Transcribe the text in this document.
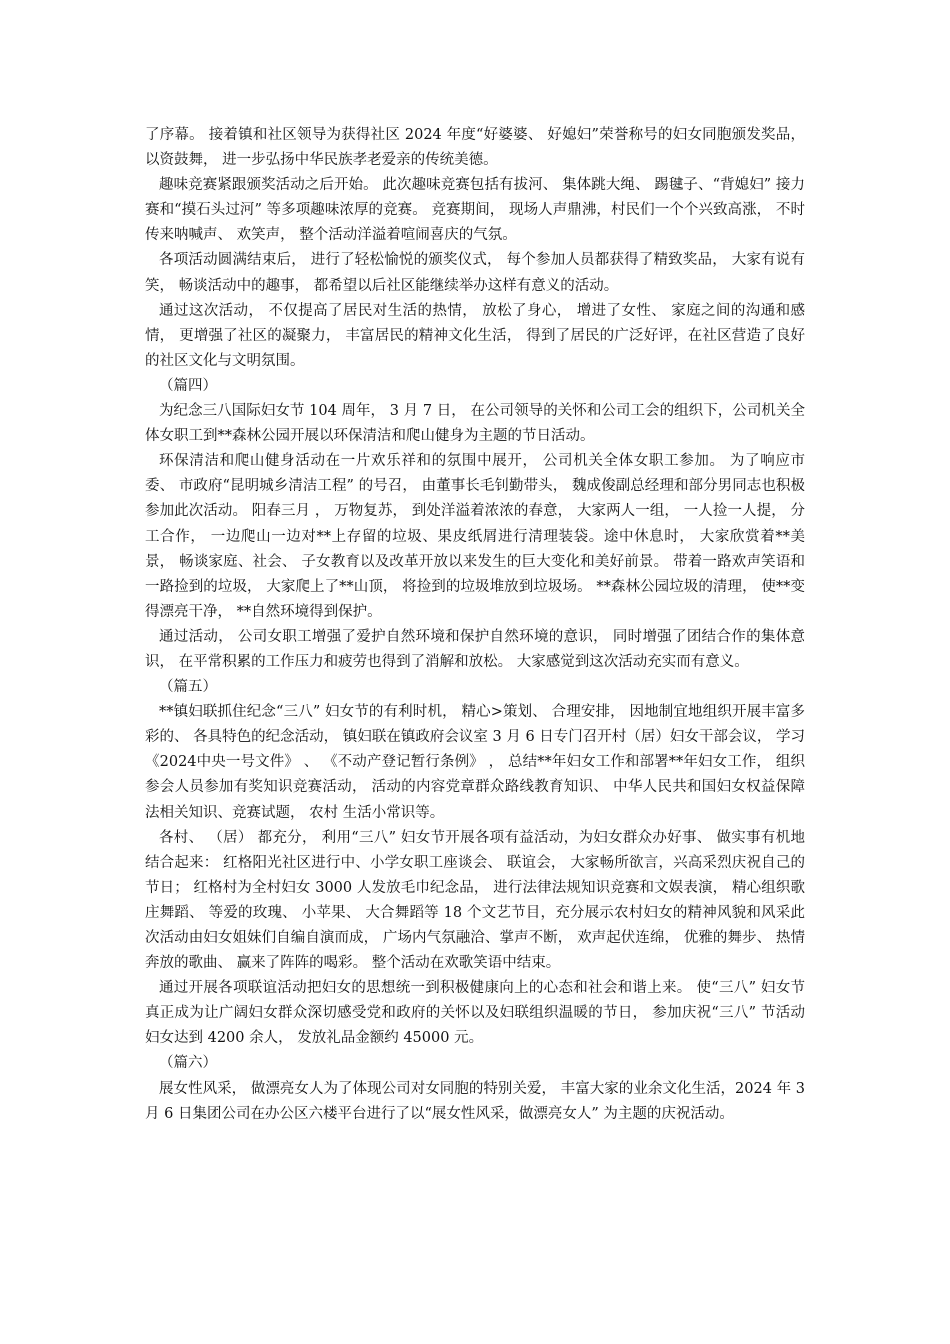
了序幕。 接着镇和社区领导为获得社区 2024 年度“好婆婆、 好媳妇”荣誉称号的妇女同胞颁发奖品， 以资鼓舞， 进一步弘扬中华民族孝老爱亲的传统美德。

趣味竞赛紧跟颁奖活动之后开始。 此次趣味竞赛包括有拔河、 集体跳大绳、 踢毽子、“背媳妇” 接力赛和“摸石头过河” 等多项趣味浓厚的竞赛。 竞赛期间， 现场人声鼎沸，村民们一个个兴致高涨， 不时传来呐喊声、 欢笑声， 整个活动洋溢着喧闹喜庆的气氛。

各项活动圆满结束后， 进行了轻松愉悦的颁奖仪式， 每个参加人员都获得了精致奖品， 大家有说有笑， 畅谈活动中的趣事， 都希望以后社区能继续举办这样有意义的活动。

通过这次活动， 不仅提高了居民对生活的热情， 放松了身心， 增进了女性、 家庭之间的沟通和感情， 更增强了社区的凝聚力， 丰富居民的精神文化生活， 得到了居民的广泛好评，在社区营造了良好的社区文化与文明氛围。

（篇四）

为纪念三八国际妇女节 104 周年， 3 月 7 日， 在公司领导的关怀和公司工会的组织下，公司机关全体女职工到**森林公园开展以环保清洁和爬山健身为主题的节日活动。

环保清洁和爬山健身活动在一片欢乐祥和的氛围中展开， 公司机关全体女职工参加。 为了响应市委、 市政府“昆明城乡清洁工程” 的号召， 由董事长毛钊勤带头， 魏成俊副总经理和部分男同志也积极参加此次活动。 阳春三月 ， 万物复苏， 到处洋溢着浓浓的春意， 大家两人一组， 一人捡一人提， 分工合作， 一边爬山一边对**上存留的垃圾、果皮纸屑进行清理装袋。途中休息时， 大家欣赏着**美景， 畅谈家庭、社会、 子女教育以及改革开放以来发生的巨大变化和美好前景。 带着一路欢声笑语和一路捡到的垃圾， 大家爬上了**山顶， 将捡到的垃圾堆放到垃圾场。 **森林公园垃圾的清理， 使**变得漂亮干净， **自然环境得到保护。

通过活动， 公司女职工增强了爱护自然环境和保护自然环境的意识， 同时增强了团结合作的集体意识， 在平常积累的工作压力和疲劳也得到了消解和放松。 大家感觉到这次活动充实而有意义。

（篇五）

**镇妇联抓住纪念“三八” 妇女节的有利时机， 精心>策划、 合理安排， 因地制宜地组织开展丰富多彩的、 各具特色的纪念活动， 镇妇联在镇政府会议室 3 月 6 日专门召开村（居）妇女干部会议， 学习《2024中央一号文件》 、 《不动产登记暂行条例》 ， 总结**年妇女工作和部署**年妇女工作， 组织参会人员参加有奖知识竞赛活动， 活动的内容党章群众路线教育知识、 中华人民共和国妇女权益保障法相关知识、竞赛试题， 农村 生活小常识等。

各村、 （居） 都充分， 利用“三八” 妇女节开展各项有益活动，为妇女群众办好事、 做实事有机地结合起来： 红格阳光社区进行中、小学女职工座谈会、 联谊会， 大家畅所欲言，兴高采烈庆祝自己的节日； 红格村为全村妇女 3000 人发放毛巾纪念品， 进行法律法规知识竞赛和文娱表演， 精心组织歌庄舞蹈、 等爱的玫瑰、 小苹果、 大合舞蹈等 18 个文艺节目，充分展示农村妇女的精神风貌和风采此次活动由妇女姐妹们自编自演而成， 广场内气氛融洽、掌声不断， 欢声起伏连绵， 优雅的舞步、 热情奔放的歌曲、 赢来了阵阵的喝彩。 整个活动在欢歌笑语中结束。

通过开展各项联谊活动把妇女的思想统一到积极健康向上的心态和社会和谐上来。 使“三八” 妇女节真正成为让广阔妇女群众深切感受党和政府的关怀以及妇联组织温暖的节日， 参加庆祝“三八” 节活动妇女达到 4200 余人， 发放礼品金额约 45000 元。

（篇六）

展女性风采， 做漂亮女人为了体现公司对女同胞的特别关爱， 丰富大家的业余文化生活，2024 年 3 月 6 日集团公司在办公区六楼平台进行了以“展女性风采，做漂亮女人” 为主题的庆祝活动。
